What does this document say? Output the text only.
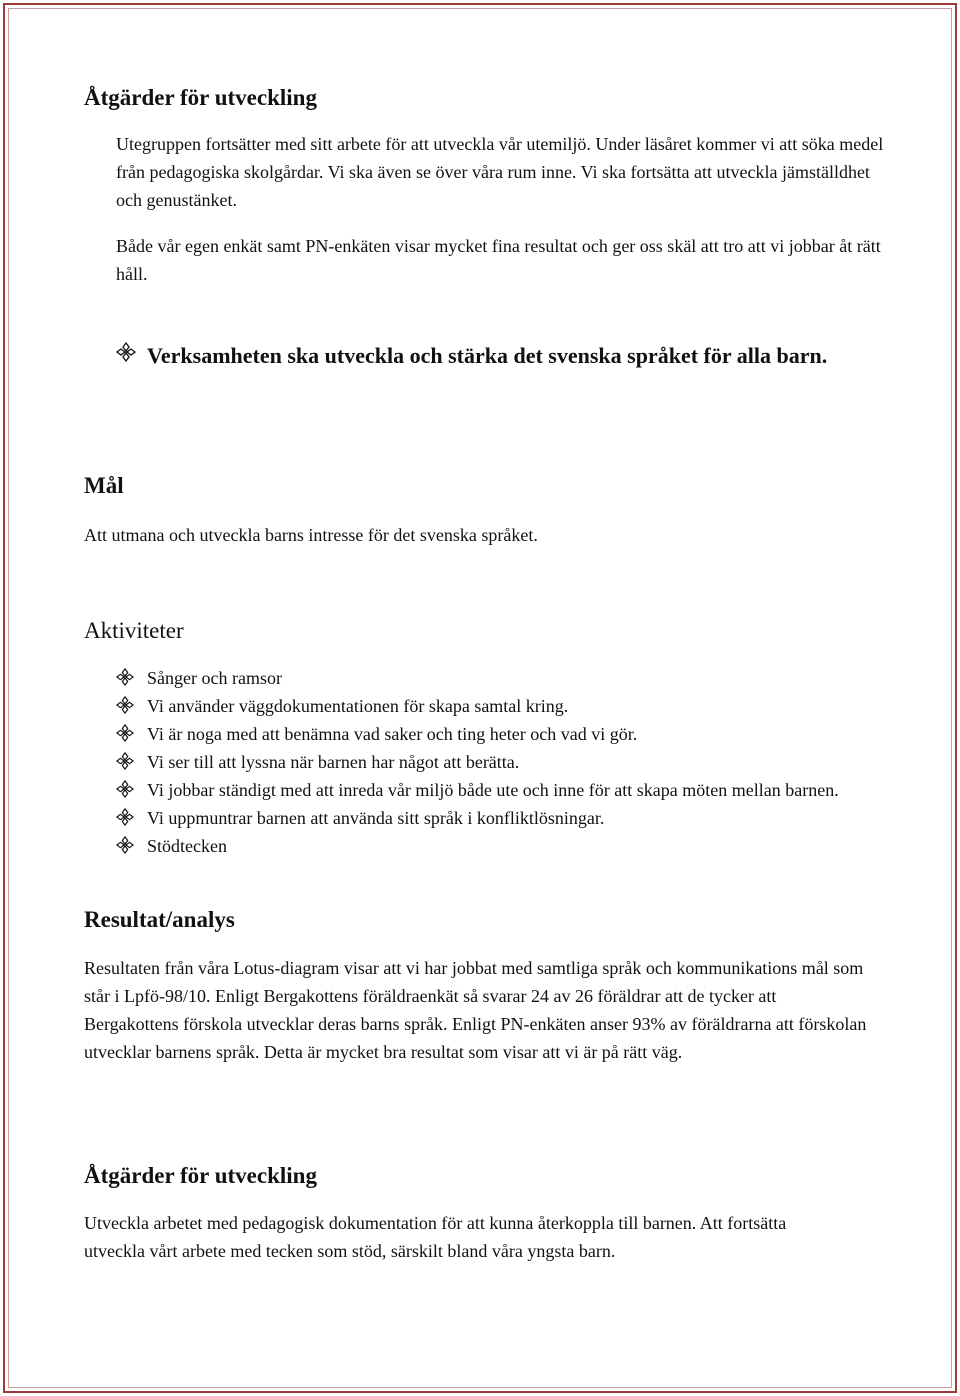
Åtgärder för utveckling

Utegruppen fortsätter med sitt arbete för att utveckla vår utemiljö. Under läsåret kommer vi att söka medel från pedagogiska skolgårdar. Vi ska även se över våra rum inne. Vi ska fortsätta att utveckla jämställdhet och genustänket.

Både vår egen enkät samt PN-enkäten visar mycket fina resultat och ger oss skäl att tro att vi jobbar åt rätt håll.

Verksamheten ska utveckla och stärka det svenska språket för alla barn.
Mål

Att utmana och utveckla barns intresse för det svenska språket.

Aktiviteter
Sånger och ramsor
Vi använder väggdokumentationen för skapa samtal kring.
Vi är noga med att benämna vad saker och ting heter och vad vi gör.
Vi ser till att lyssna när barnen har något att berätta.
Vi jobbar ständigt med att inreda vår miljö både ute och inne för att skapa möten mellan barnen.
Vi uppmuntrar barnen att använda sitt språk i konfliktlösningar.
Stödtecken
Resultat/analys

Resultaten från våra Lotus-diagram visar att vi har jobbat med samtliga språk och kommunikations mål som står i Lpfö-98/10. Enligt Bergakottens föräldraenkät så svarar 24 av 26 föräldrar att de tycker att Bergakottens förskola utvecklar deras barns språk. Enligt PN-enkäten anser 93% av föräldrarna att förskolan utvecklar barnens språk. Detta är mycket bra resultat som visar att vi är på rätt väg.

Åtgärder för utveckling

Utveckla arbetet med pedagogisk dokumentation för att kunna återkoppla till barnen. Att fortsätta utveckla vårt arbete med tecken som stöd, särskilt bland våra yngsta barn.
